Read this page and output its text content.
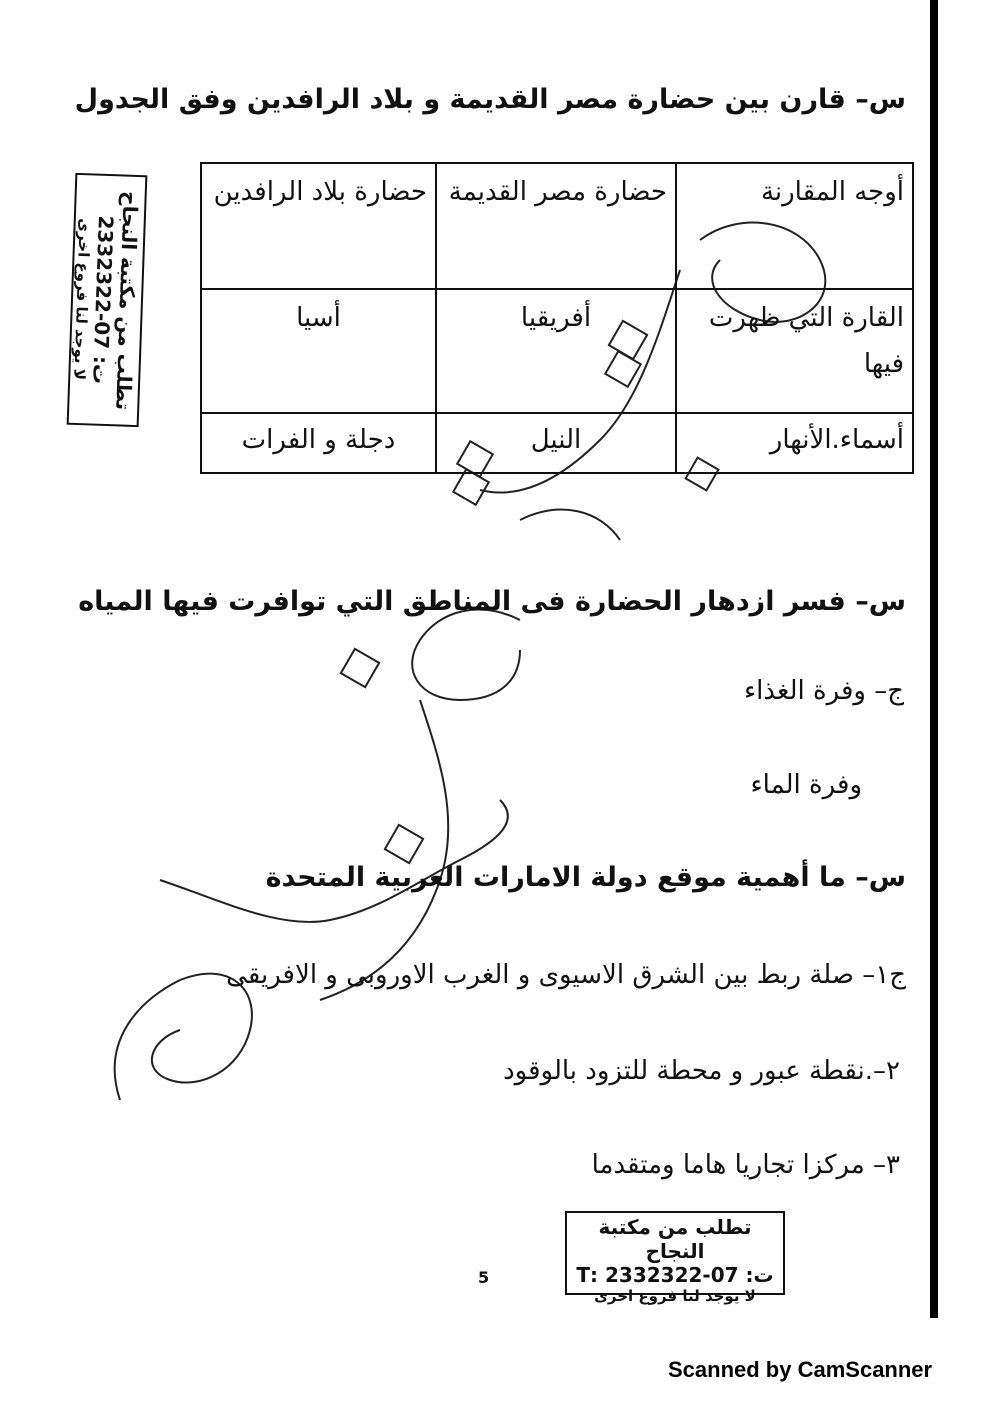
س– قارن بين حضارة مصر القديمة و بلاد الرافدين وفق الجدول
أوجه المقارنة	حضارة مصر القديمة	حضارة بلاد الرافدين
القارة التي ظهرت فيها	أفريقيا	أسيا
أسماء.الأنهار	النيل	دجلة و الفرات
س– فسر ازدهار الحضارة فى المناطق التي توافرت فيها المياه
ج– وفرة الغذاء
وفرة الماء
س– ما أهمية موقع دولة الامارات العربية المتحدة
ج١– صلة ربط بين الشرق الاسيوى و الغرب الاوروبى و الافريقى
٢–.نقطة عبور و محطة للتزود بالوقود
٣– مركزا تجاريا هاما ومتقدما
تطلب من مكتبة النجاح
ت: 07-2332322
لا يوجد لنا فروع اخرى
تطلب من مكتبة النجاح
ت: 07-2332322 :T
لا يوجد لنا فروع اخرى
5
Scanned by CamScanner
